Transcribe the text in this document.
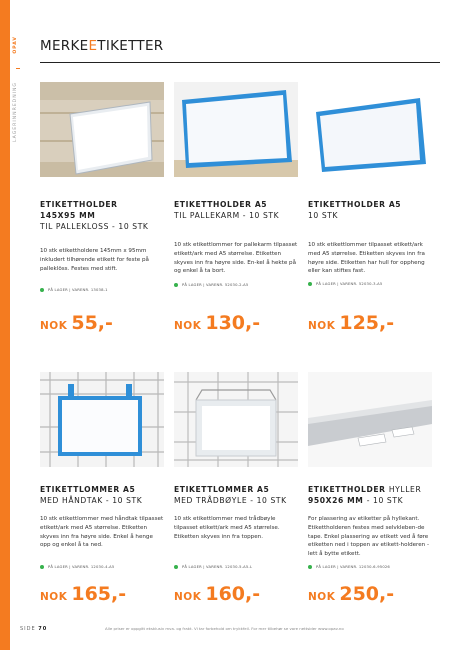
OPAV
LAGERINNREDNING
MERKEETIKETTER
ETIKETTHOLDER
145X95 MM
TIL PALLEKLOSS - 10 STK
10 stk etikettholdere 145mm x 95mm inkludert tilhørende etikett for feste på palleklöss. Festes med stift.
PÅ LAGER | VARENR. 13038-1
NOK 55,-
ETIKETTHOLDER A5
TIL PALLEKARM - 10 STK
10 stk etikettlommer for pallekarm tilpasset etikett/ark med A5 størrelse. Etiketten skyves inn fra høyre side. En-kel å hekte på og enkel å ta bort.
PÅ LAGER | VARENR. 52030-2-A5
NOK 130,-
ETIKETTHOLDER A5
10 STK
10 stk etikettlommer tilpasset etikett/ark med A5 størrelse. Etiketten skyves inn fra høyre side. Etiketten har hull for oppheng eller kan stiftes fast.
PÅ LAGER | VARENR. 52030-3-A5
NOK 125,-
ETIKETTLOMMER A5
MED HÅNDTAK - 10 STK
10 stk etikettlommer med håndtak tilpasset etikett/ark med A5 størrelse. Etiketten skyves inn fra høyre side. Enkel å henge opp og enkel å ta ned.
PÅ LAGER | VARENR. 12030-4-A5
NOK 165,-
ETIKETTLOMMER A5
MED TRÅDBØYLE - 10 STK
10 stk etikettlommer med trådbøyle tilpasset etikett/ark med A5 størrelse. Etiketten skyves inn fra toppen.
PÅ LAGER | VARENR. 12030-5-A5-L
NOK 160,-
ETIKETTHOLDER HYLLER
950X26 MM - 10 STK
For plassering av etiketter på hyllekant. Etikettholderen festes med selvkleben-de tape. Enkel plassering av etikett ved å føre etiketten ned i toppen av etikett-holderen - lett å bytte etikett.
PÅ LAGER | VARENR. 12030-6-95026
NOK 250,-
SIDE 70	Alle priser er oppgitt eksklusiv mva. og frakt. Vi tar forbehold om trykkfeil. For mer tilbehør se vore nettsider www.opav.no
